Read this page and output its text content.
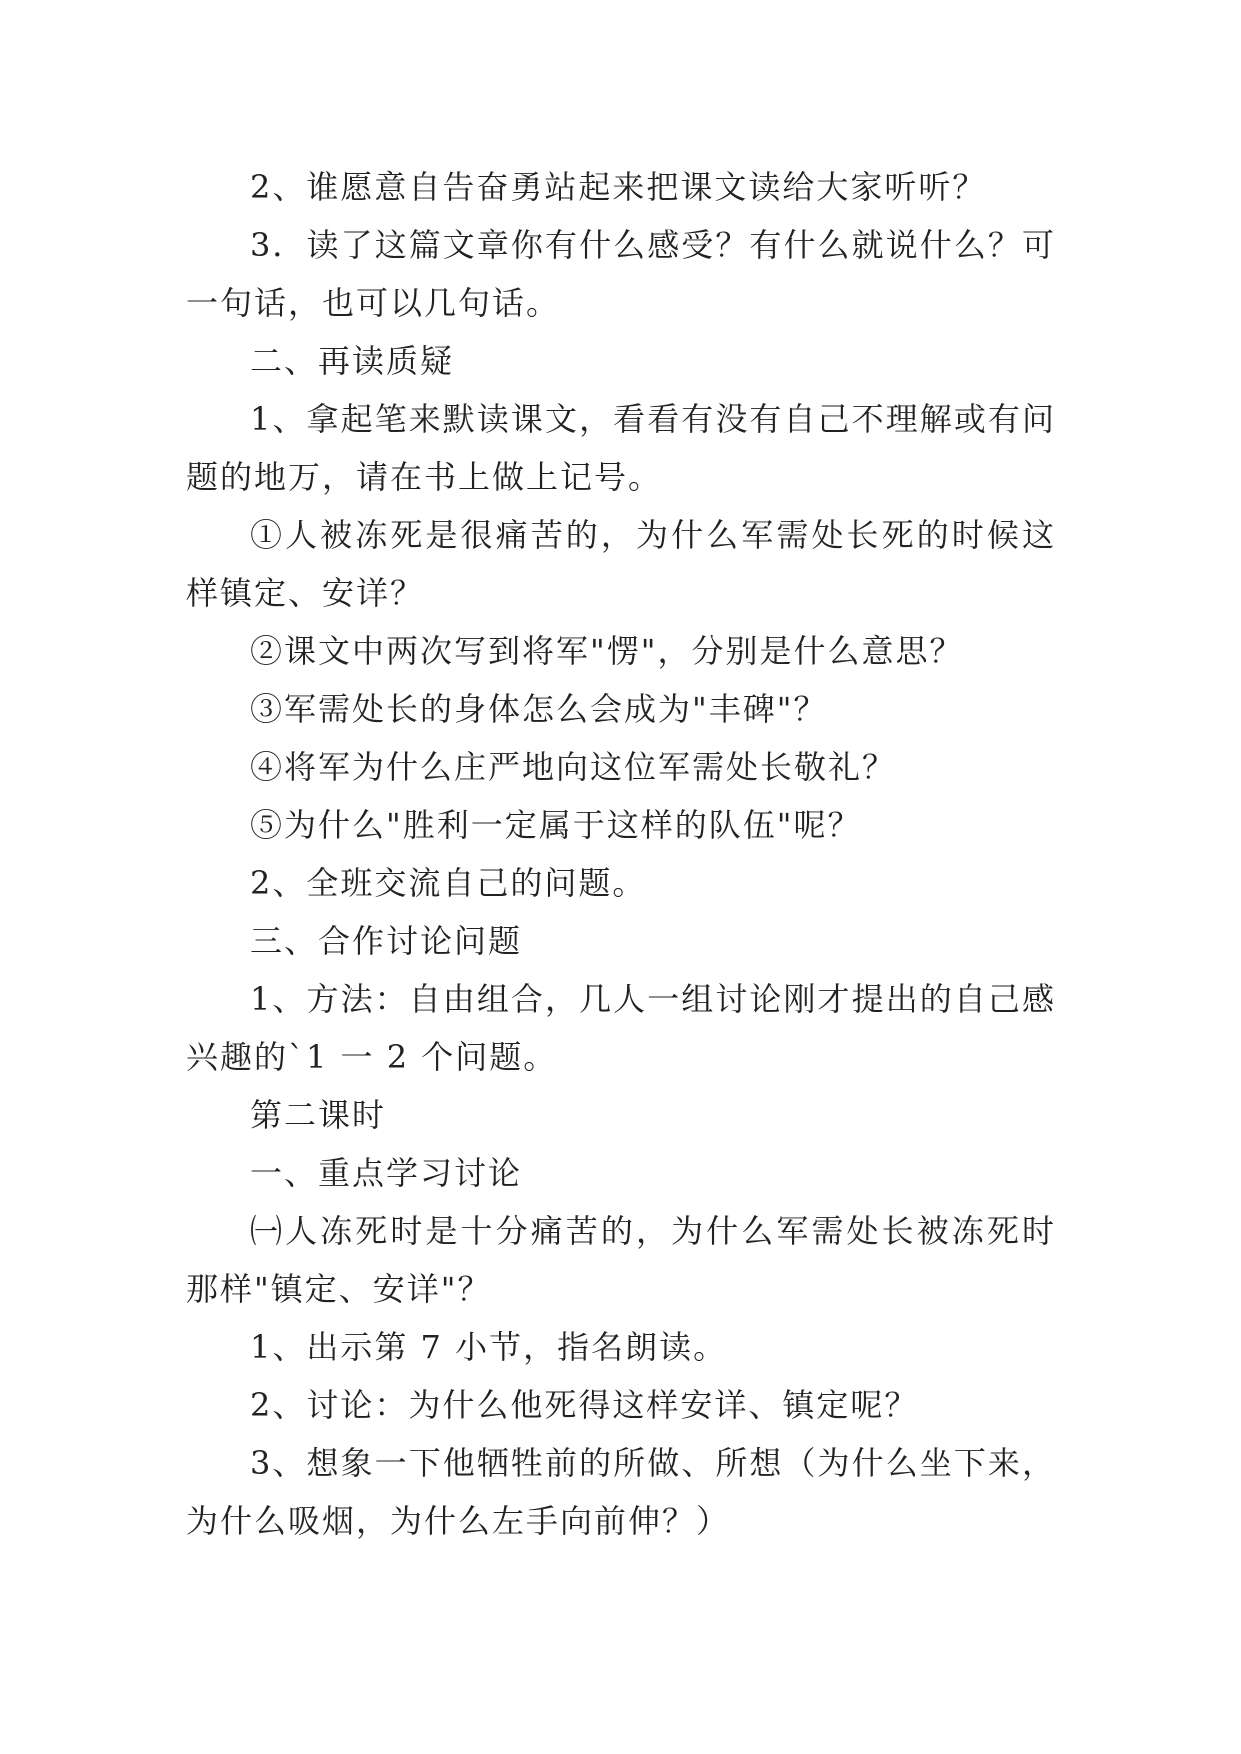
2、谁愿意自告奋勇站起来把课文读给大家听听？

3．读了这篇文章你有什么感受？有什么就说什么？可一句话，也可以几句话。

二、再读质疑

1、拿起笔来默读课文，看看有没有自己不理解或有问题的地万，请在书上做上记号。

①人被冻死是很痛苦的，为什么军需处长死的时候这样镇定、安详？

②课文中两次写到将军"愣"，分别是什么意思？

③军需处长的身体怎么会成为"丰碑"？

④将军为什么庄严地向这位军需处长敬礼？

⑤为什么"胜利一定属于这样的队伍"呢？

2、全班交流自己的问题。

三、合作讨论问题

1、方法：自由组合，几人一组讨论刚才提出的自己感兴趣的`1 一 2 个问题。

第二课时

一、重点学习讨论

㈠人冻死时是十分痛苦的，为什么军需处长被冻死时那样"镇定、安详"？

1、出示第 7 小节，指名朗读。

2、讨论：为什么他死得这样安详、镇定呢？

3、想象一下他牺牲前的所做、所想（为什么坐下来，为什么吸烟，为什么左手向前伸？）
